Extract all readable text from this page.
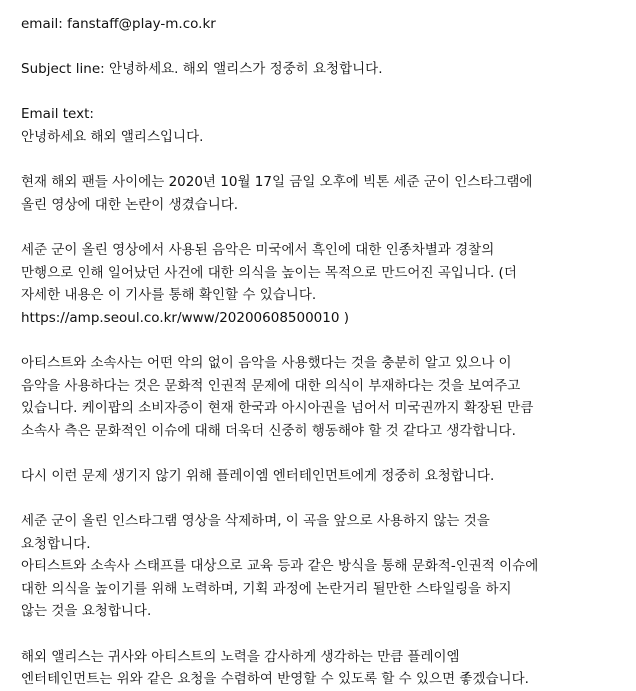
email: fanstaff@play-m.co.kr
Subject line: 안녕하세요. 해외 앨리스가 정중히 요청합니다.
Email text:
안녕하세요 해외 앨리스입니다.
현재 해외 팬들 사이에는 2020년 10월 17일 금일 오후에 빅톤 세준 군이 인스타그램에
올린 영상에 대한 논란이 생겼습니다.
세준 군이 올린 영상에서 사용된 음악은 미국에서 흑인에 대한 인종차별과 경찰의
만행으로 인해 일어났던 사건에 대한 의식을 높이는 목적으로 만드어진 곡입니다. (더
자세한 내용은 이 기사를 통해 확인할 수 있습니다.
https://amp.seoul.co.kr/www/20200608500010 )
아티스트와 소속사는 어떤 악의 없이 음악을 사용했다는 것을 충분히 알고 있으나 이
음악을 사용하다는 것은 문화적 인권적 문제에 대한 의식이 부재하다는 것을 보여주고
있습니다. 케이팝의 소비자증이 현재 한국과 아시아권을 넘어서 미국권까지 확장된 만큼
소속사 측은 문화적인 이슈에 대해 더욱더 신중히 행동해야 할 것 같다고 생각합니다.
다시 이런 문제 생기지 않기 위해 플레이엠 엔터테인먼트에게 정중히 요청합니다.
세준 군이 올린 인스타그램 영상을 삭제하며, 이 곡을 앞으로 사용하지 않는 것을
요청합니다.
아티스트와 소속사 스태프를 대상으로 교육 등과 같은 방식을 통해 문화적-인권적 이슈에
대한 의식을 높이기를 위해 노력하며, 기획 과정에 논란거리 될만한 스타일링을 하지
않는 것을 요청합니다.
해외 앨리스는 귀사와 아티스트의 노력을 감사하게 생각하는 만큼 플레이엠
엔터테인먼트는 위와 같은 요청을 수렴하여 반영할 수 있도록 할 수 있으면 좋겠습니다.
